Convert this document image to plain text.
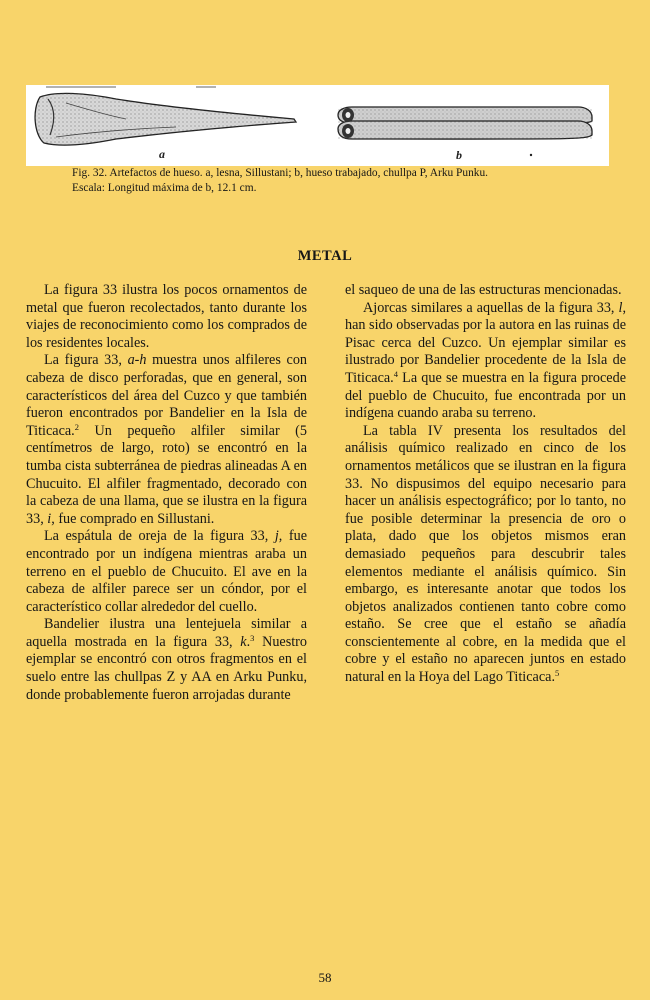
a	b

Fig. 32. Artefactos de hueso. a, lesna, Sillustani; b, hueso trabajado, chullpa P, Arku Punku.

Escala: Longitud máxima de b, 12.1 cm.

METAL

La figura 33 ilustra los pocos ornamentos de metal que fueron recolectados, tanto durante los viajes de reconocimiento como los comprados de los residentes locales.

La figura 33, a-h muestra unos alfileres con cabeza de disco perforadas, que en general, son característicos del área del Cuzco y que también fueron encontrados por Bandelier en la Isla de Titicaca.$^2$ Un pequeño alfiler similar (5 centímetros de largo, roto) se encontró en la tumba cista subterránea de piedras alineadas A en Chucuito. El alfiler fragmentado, decorado con la cabeza de una llama, que se ilustra en la figura 33, i, fue comprado en Sillustani.

La espátula de oreja de la figura 33, j, fue encontrado por un indígena mientras araba un terreno en el pueblo de Chucuito. El ave en la cabeza de alfiler parece ser un cóndor, por el característico collar alrededor del cuello.

Bandelier ilustra una lentejuela similar a aquella mostrada en la figura 33, k.$^3$ Nuestro ejemplar se encontró con otros fragmentos en el suelo entre las chullpas Z y AA en Arku Punku, donde probablemente fueron arrojadas durante

el saqueo de una de las estructuras mencionadas.

Ajorcas similares a aquellas de la figura 33, l, han sido observadas por la autora en las ruinas de Pisac cerca del Cuzco. Un ejemplar similar es ilustrado por Bandelier procedente de la Isla de Titicaca.$^4$ La que se muestra en la figura procede del pueblo de Chucuito, fue encontrada por un indígena cuando araba su terreno.

La tabla IV presenta los resultados del análisis químico realizado en cinco de los ornamentos metálicos que se ilustran en la figura 33. No dispusimos del equipo necesario para hacer un análisis espectográfico; por lo tanto, no fue posible determinar la presencia de oro o plata, dado que los objetos mismos eran demasiado pequeños para descubrir tales elementos mediante el análisis químico. Sin embargo, es interesante anotar que todos los objetos analizados contienen tanto cobre como estaño. Se cree que el estaño se añadía conscientemente al cobre, en la medida que el cobre y el estaño no aparecen juntos en estado natural en la Hoya del Lago Titicaca.$^5$

58
